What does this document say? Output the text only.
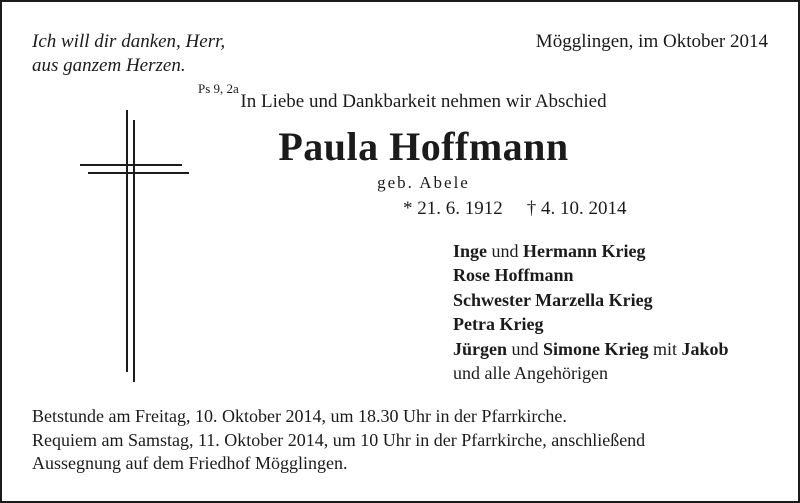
Ich will dir danken, Herr,
aus ganzem Herzen.
Ps 9, 2a
Mögglingen, im Oktober 2014
In Liebe und Dankbarkeit nehmen wir Abschied
Paula Hoffmann
geb. Abele
* 21. 6. 1912 † 4. 10. 2014
Inge und Hermann Krieg
Rose Hoffmann
Schwester Marzella Krieg
Petra Krieg
Jürgen und Simone Krieg mit Jakob
und alle Angehörigen
Betstunde am Freitag, 10. Oktober 2014, um 18.30 Uhr in der Pfarrkirche.
Requiem am Samstag, 11. Oktober 2014, um 10 Uhr in der Pfarrkirche, anschließend
Aussegnung auf dem Friedhof Mögglingen.
